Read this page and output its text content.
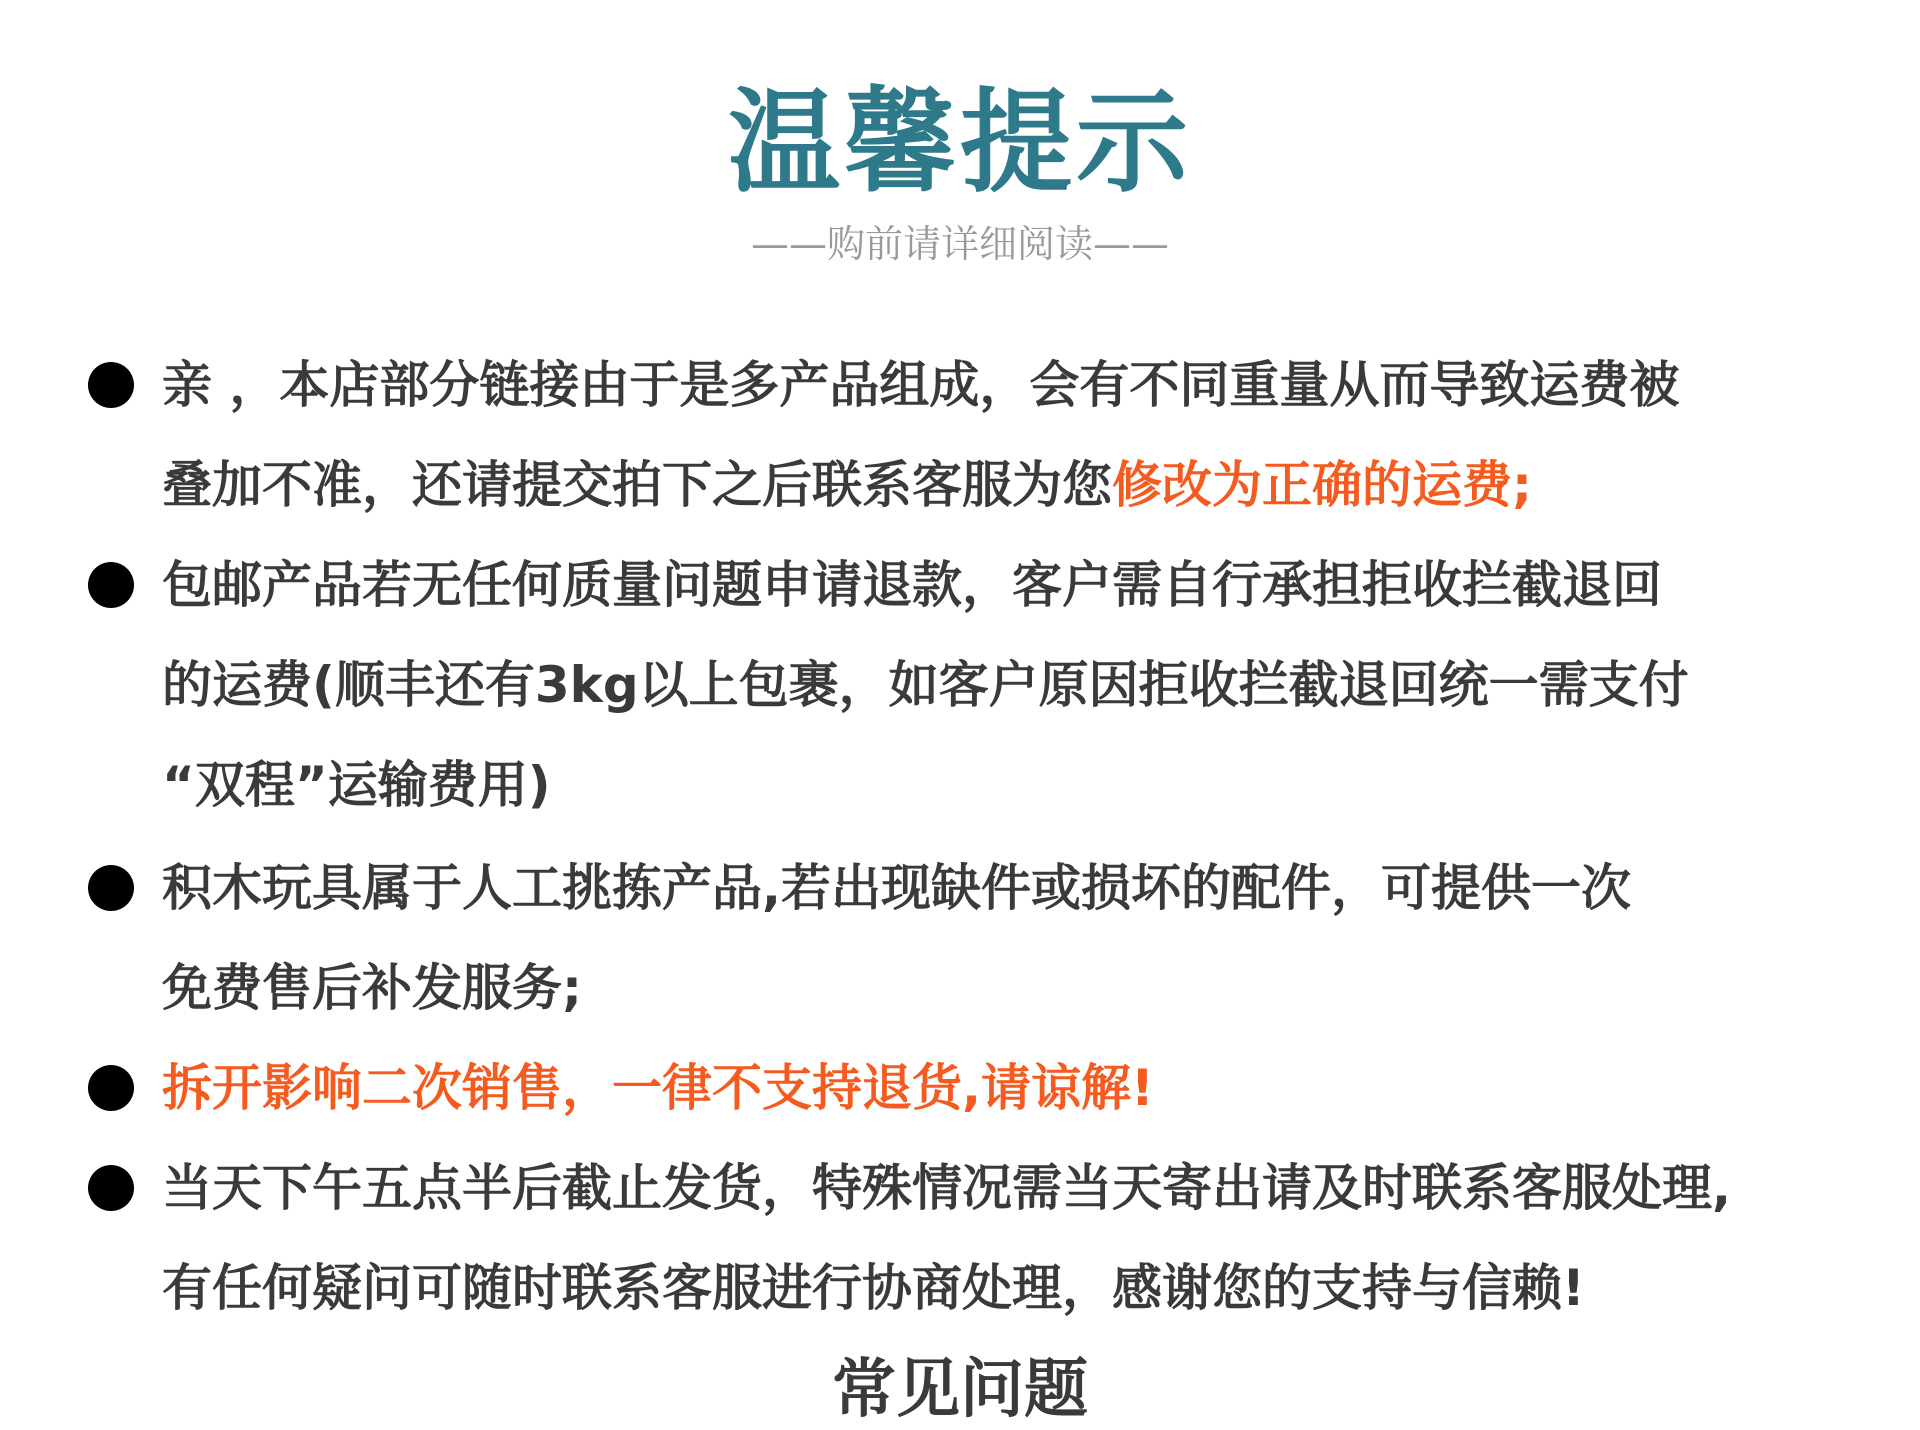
温馨提示
——购前请详细阅读——
亲 ，本店部分链接由于是多产品组成，会有不同重量从而导致运费被
叠加不准，还请提交拍下之后联系客服为您修改为正确的运费;
包邮产品若无任何质量问题申请退款，客户需自行承担拒收拦截退回
的运费(顺丰还有3kg以上包裹，如客户原因拒收拦截退回统一需支付
“双程”运输费用)
积木玩具属于人工挑拣产品,若出现缺件或损坏的配件，可提供一次
免费售后补发服务;
拆开影响二次销售，一律不支持退货,请谅解!
当天下午五点半后截止发货，特殊情况需当天寄出请及时联系客服处理,
有任何疑问可随时联系客服进行协商处理，感谢您的支持与信赖!
常见问题
